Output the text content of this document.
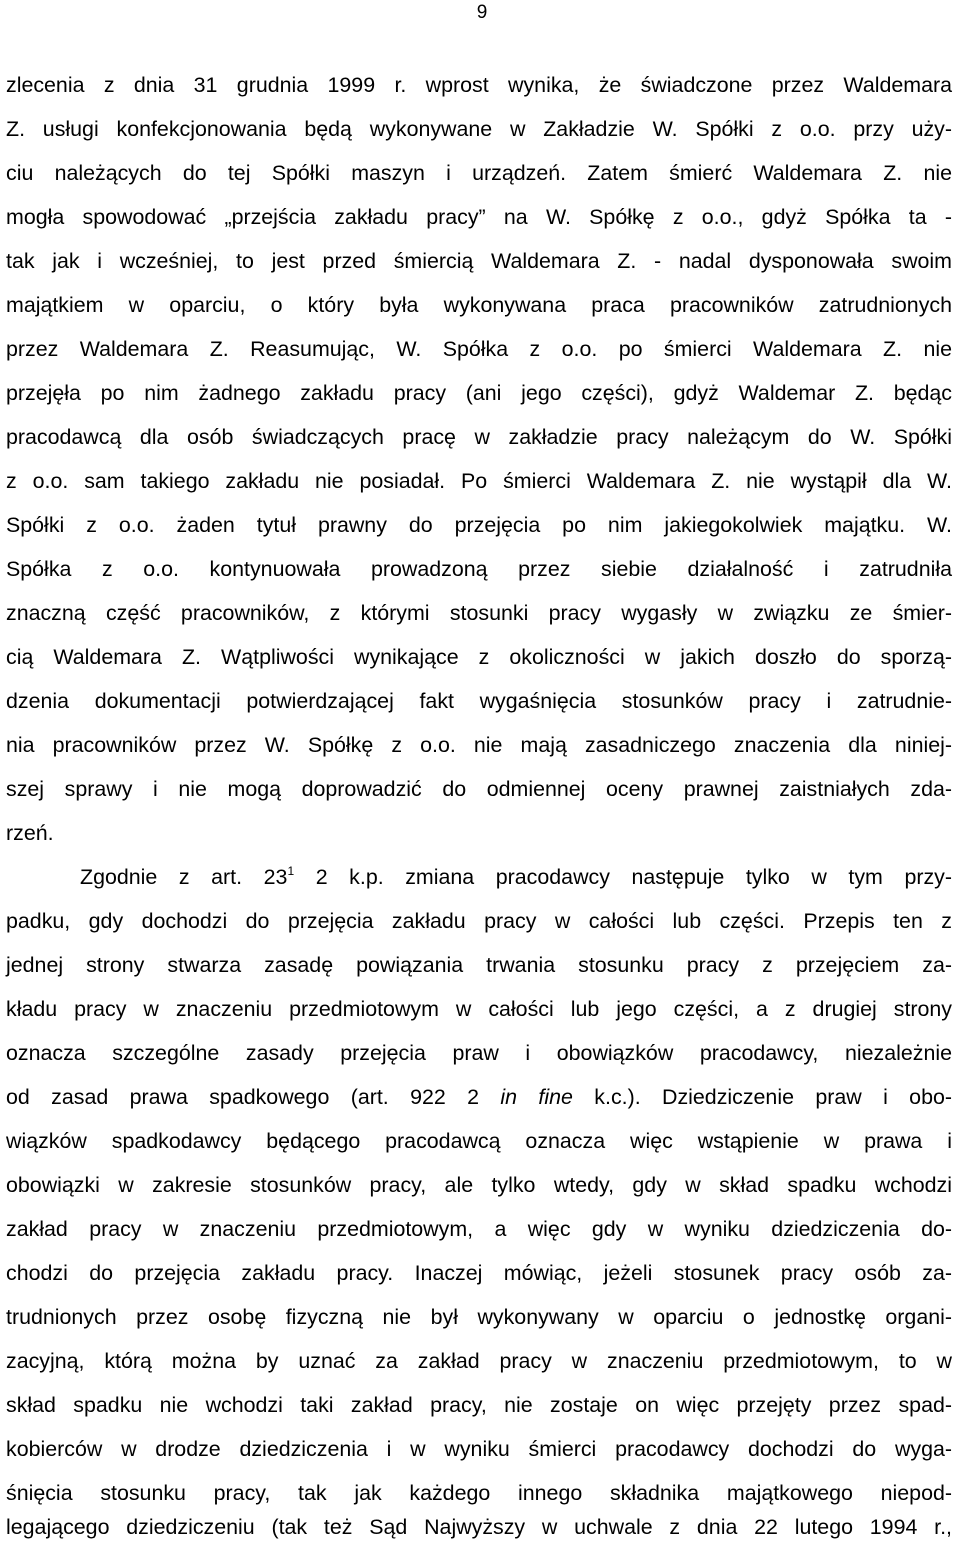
9

zlecenia z dnia 31 grudnia 1999 r. wprost wynika, że świadczone przez Waldemara

Z. usługi konfekcjonowania będą wykonywane w Zakładzie W. Spółki z o.o. przy uży-

ciu należących do tej Spółki maszyn i urządzeń. Zatem śmierć Waldemara Z. nie

mogła spowodować „przejścia zakładu pracy” na W. Spółkę z o.o., gdyż Spółka ta -

tak jak i wcześniej, to jest przed śmiercią Waldemara Z. - nadal dysponowała swoim

majątkiem w oparciu, o który była wykonywana praca pracowników zatrudnionych

przez Waldemara Z. Reasumując, W. Spółka z o.o. po śmierci Waldemara Z. nie

przejęła po nim żadnego zakładu pracy (ani jego części), gdyż Waldemar Z. będąc

pracodawcą dla osób świadczących pracę w zakładzie pracy należącym do W. Spółki

z o.o. sam takiego zakładu nie posiadał. Po śmierci Waldemara Z. nie wystąpił dla W.

Spółki z o.o. żaden tytuł prawny do przejęcia po nim jakiegokolwiek majątku. W.

Spółka z o.o. kontynuowała prowadzoną przez siebie działalność i zatrudniła

znaczną część pracowników, z którymi stosunki pracy wygasły w związku ze śmier-

cią Waldemara Z. Wątpliwości wynikające z okoliczności w jakich doszło do sporzą-

dzenia dokumentacji potwierdzającej fakt wygaśnięcia stosunków pracy i zatrudnie-

nia pracowników przez W. Spółkę z o.o. nie mają zasadniczego znaczenia dla niniej-

szej sprawy i nie mogą doprowadzić do odmiennej oceny prawnej zaistniałych zda-

rzeń.

Zgodnie z art. $23^1$ 2 k.p. zmiana pracodawcy następuje tylko w tym przy-

padku, gdy dochodzi do przejęcia zakładu pracy w całości lub części. Przepis ten z

jednej strony stwarza zasadę powiązania trwania stosunku pracy z przejęciem za-

kładu pracy w znaczeniu przedmiotowym w całości lub jego części, a z drugiej strony

oznacza szczególne zasady przejęcia praw i obowiązków pracodawcy, niezależnie

od zasad prawa spadkowego (art. 922 2 in fine k.c.). Dziedziczenie praw i obo-

wiązków spadkodawcy będącego pracodawcą oznacza więc wstąpienie w prawa i

obowiązki w zakresie stosunków pracy, ale tylko wtedy, gdy w skład spadku wchodzi

zakład pracy w znaczeniu przedmiotowym, a więc gdy w wyniku dziedziczenia do-

chodzi do przejęcia zakładu pracy. Inaczej mówiąc, jeżeli stosunek pracy osób za-

trudnionych przez osobę fizyczną nie był wykonywany w oparciu o jednostkę organi-

zacyjną, którą można by uznać za zakład pracy w znaczeniu przedmiotowym, to w

skład spadku nie wchodzi taki zakład pracy, nie zostaje on więc przejęty przez spad-

kobierców w drodze dziedziczenia i w wyniku śmierci pracodawcy dochodzi do wyga-

śnięcia stosunku pracy, tak jak każdego innego składnika majątkowego niepod-

legającego dziedziczeniu (tak też Sąd Najwyższy w uchwale z dnia 22 lutego 1994 r.,
